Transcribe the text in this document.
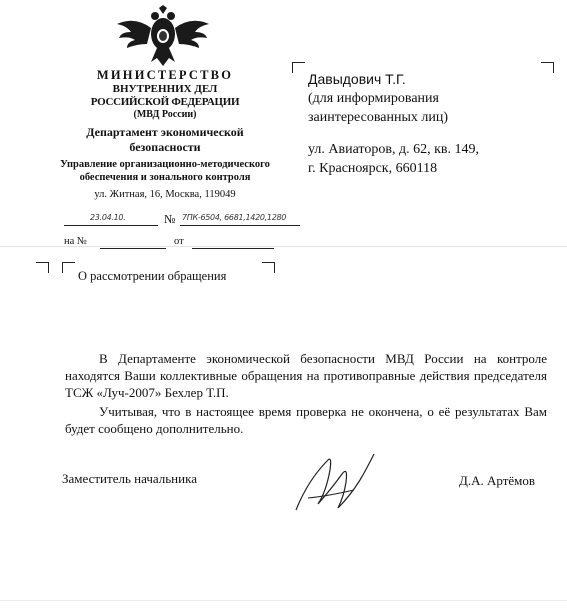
МИНИСТЕРСТВО
ВНУТРЕННИХ ДЕЛ
РОССИЙСКОЙ ФЕДЕРАЦИИ
(МВД России)
Департамент экономической
безопасности
Управление организационно-методического
обеспечения и зонального контроля
ул. Житная, 16, Москва, 119049
23.04.10.	№ 7ПК-6504, 6681,1420,1280
на №	от
Давыдович Т.Г.
(для информирования
заинтересованных лиц)
ул. Авиаторов, д. 62, кв. 149,
г. Красноярск, 660118
О рассмотрении обращения
В Департаменте экономической безопасности МВД России на контроле находятся Ваши коллективные обращения на противоправные действия председателя ТСЖ «Луч-2007» Бехлер Т.П.
Учитывая, что в настоящее время проверка не окончена, о её результатах Вам будет сообщено дополнительно.
Заместитель начальника	Д.А. Артёмов
